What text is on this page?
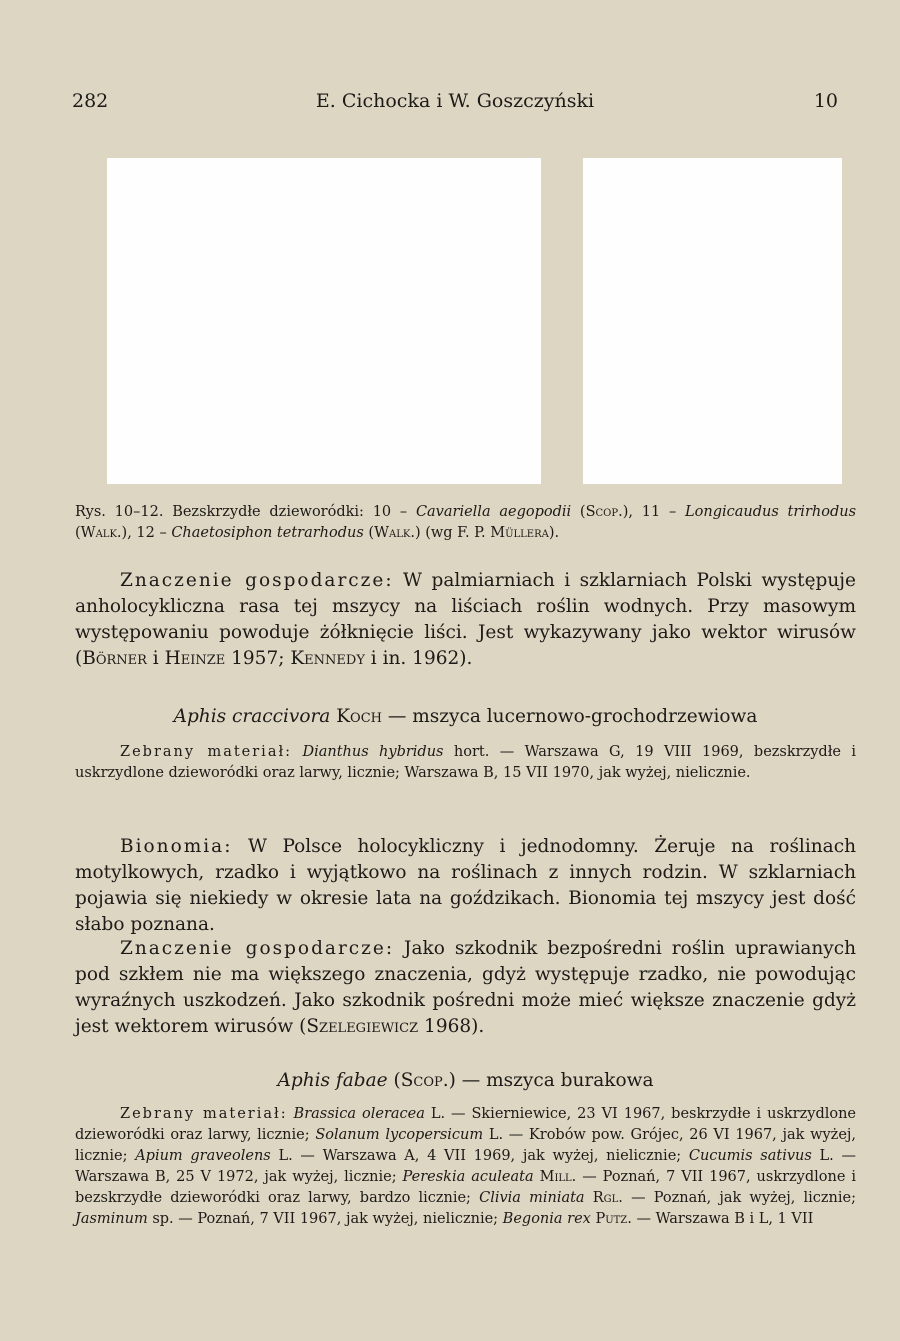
282	E. Cichocka i W. Goszczyński	10

Rys. 10–12. Bezskrzydłe dzieworódki: 10 – Cavariella aegopodii (Scop.), 11 – Longicaudus trirhodus (Walk.), 12 – Chaetosiphon tetrarhodus (Walk.) (wg F. P. Müllera).

Znaczenie gospodarcze: W palmiarniach i szklarniach Polski występuje anholocykliczna rasa tej mszycy na liściach roślin wodnych. Przy masowym występowaniu powoduje żółknięcie liści. Jest wykazywany jako wektor wirusów (Börner i Heinze 1957; Kennedy i in. 1962).

Aphis craccivora Koch — mszyca lucernowo-grochodrzewiowa

Zebrany materiał: Dianthus hybridus hort. — Warszawa G, 19 VIII 1969, bezskrzydłe i uskrzydlone dzieworódki oraz larwy, licznie; Warszawa B, 15 VII 1970, jak wyżej, nielicznie.

Bionomia: W Polsce holocykliczny i jednodomny. Żeruje na roślinach motylkowych, rzadko i wyjątkowo na roślinach z innych rodzin. W szklarniach pojawia się niekiedy w okresie lata na goździkach. Bionomia tej mszycy jest dość słabo poznana.

Znaczenie gospodarcze: Jako szkodnik bezpośredni roślin uprawianych pod szkłem nie ma większego znaczenia, gdyż występuje rzadko, nie powodując wyraźnych uszkodzeń. Jako szkodnik pośredni może mieć większe znaczenie gdyż jest wektorem wirusów (Szelegiewicz 1968).

Aphis fabae (Scop.) — mszyca burakowa

Zebrany materiał: Brassica oleracea L. — Skierniewice, 23 VI 1967, beskrzydłe i uskrzydlone dzieworódki oraz larwy, licznie; Solanum lycopersicum L. — Krobów pow. Grójec, 26 VI 1967, jak wyżej, licznie; Apium graveolens L. — Warszawa A, 4 VII 1969, jak wyżej, nielicznie; Cucumis sativus L. — Warszawa B, 25 V 1972, jak wyżej, licznie; Pereskia aculeata Mill. — Poznań, 7 VII 1967, uskrzydlone i bezskrzydłe dzieworódki oraz larwy, bardzo licznie; Clivia miniata Rgl. — Poznań, jak wyżej, licznie; Jasminum sp. — Poznań, 7 VII 1967, jak wyżej, nielicznie; Begonia rex Putz. — Warszawa B i L, 1 VII
